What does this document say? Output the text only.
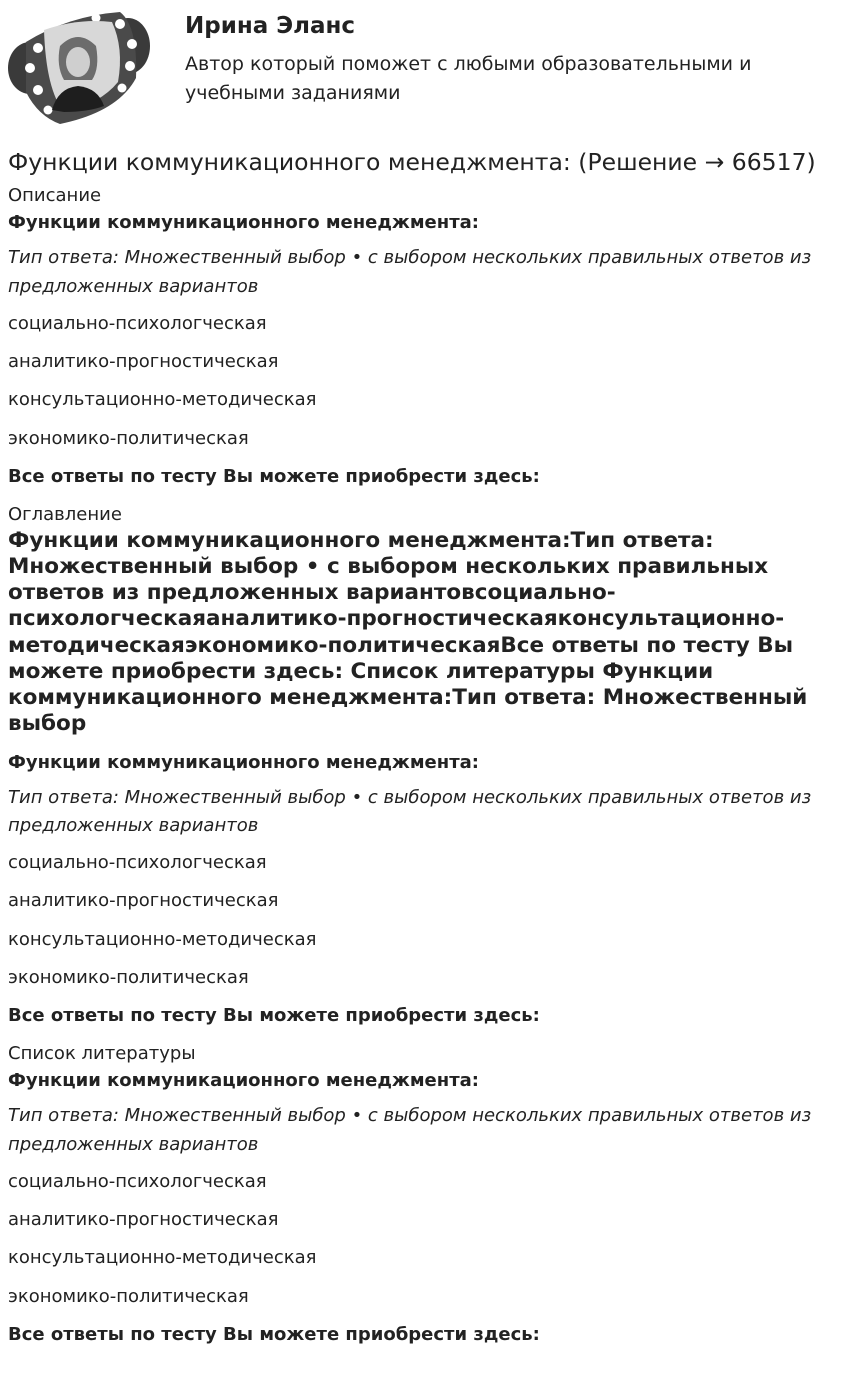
Ирина Эланс
Автор который поможет с любыми образовательными и учебными заданиями
Функции коммуникационного менеджмента: (Решение → 66517)
Описание
Функции коммуникационного менеджмента:
Тип ответа: Множественный выбор • с выбором нескольких правильных ответов из предложенных вариантов
социально-психологческая
аналитико-прогностическая
консультационно-методическая
экономико-политическая
Все ответы по тесту Вы можете приобрести здесь:
Оглавление
Функции коммуникационного менеджмента:Тип ответа: Множественный выбор • с выбором нескольких правильных ответов из предложенных вариантовсоциально-психологческаяаналитико-прогностическаяконсультационно-методическаяэкономико-политическаяВсе ответы по тесту Вы можете приобрести здесь: Список литературы Функции коммуникационного менеджмента:Тип ответа: Множественный выбор
Функции коммуникационного менеджмента:
Тип ответа: Множественный выбор • с выбором нескольких правильных ответов из предложенных вариантов
социально-психологческая
аналитико-прогностическая
консультационно-методическая
экономико-политическая
Все ответы по тесту Вы можете приобрести здесь:
Список литературы
Функции коммуникационного менеджмента:
Тип ответа: Множественный выбор • с выбором нескольких правильных ответов из предложенных вариантов
социально-психологческая
аналитико-прогностическая
консультационно-методическая
экономико-политическая
Все ответы по тесту Вы можете приобрести здесь:
